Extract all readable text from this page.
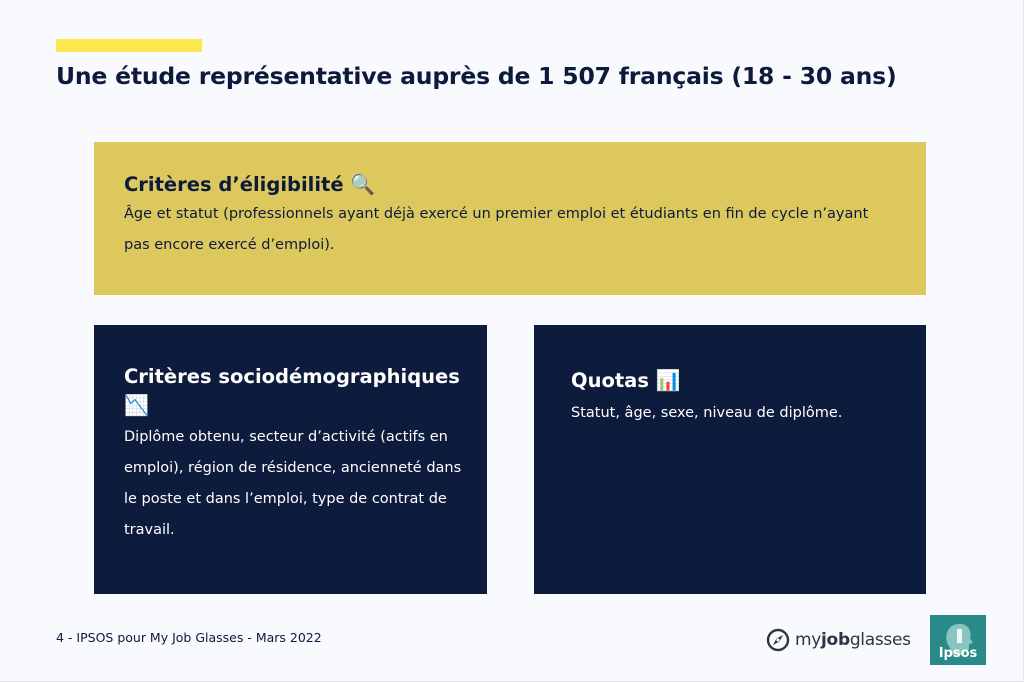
Une étude représentative auprès de 1 507 français (18 - 30 ans)

Critères d’éligibilité 🔍

Âge et statut (professionnels ayant déjà exercé un premier emploi et étudiants en fin de cycle n’ayant pas encore exercé d’emploi).

Critères sociodémographiques 📉

Diplôme obtenu, secteur d’activité (actifs en emploi), région de résidence, ancienneté dans le poste et dans l’emploi, type de contrat de travail.

Quotas 📊

Statut, âge, sexe, niveau de diplôme.

4 - IPSOS pour My Job Glasses - Mars 2022	myjobglasses
Ipsos
